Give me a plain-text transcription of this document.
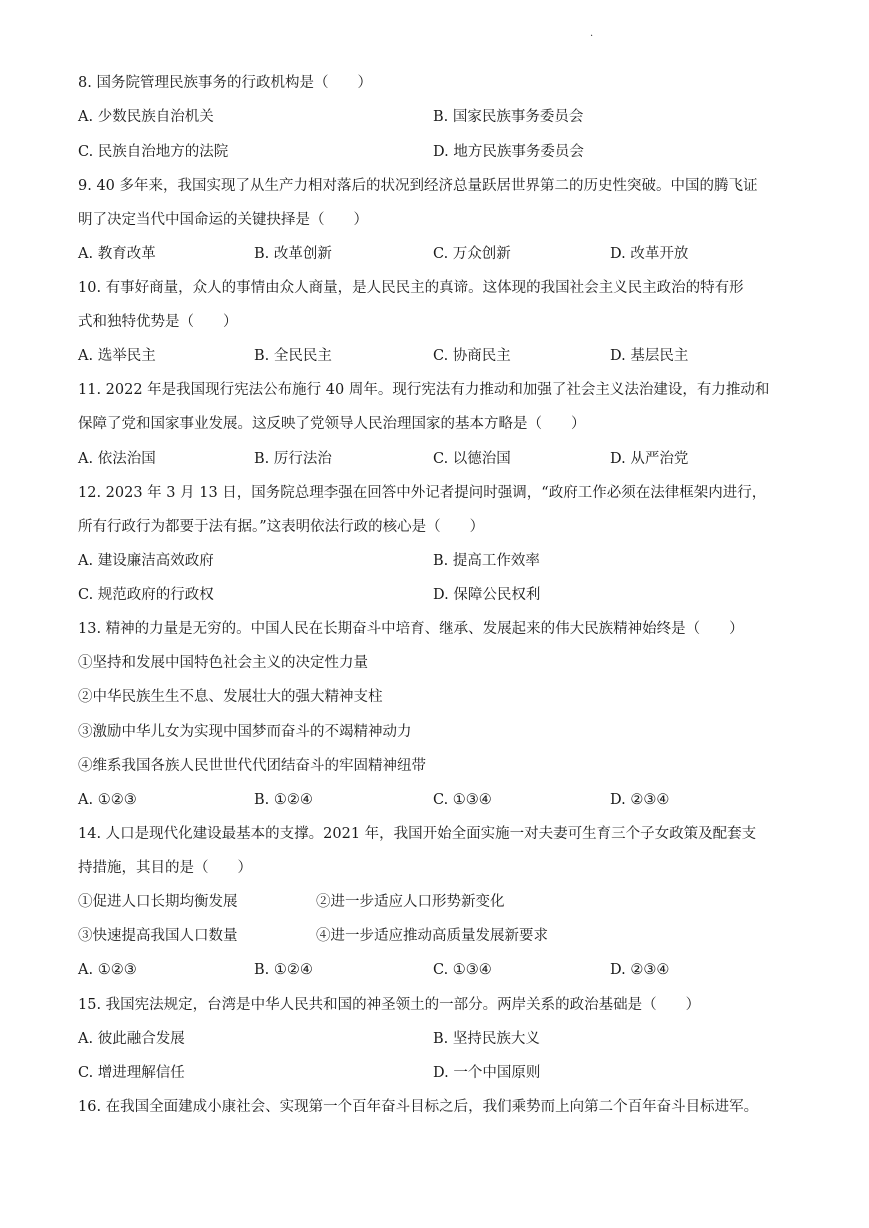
.
8. 国务院管理民族事务的行政机构是（　　）
A. 少数民族自治机关	B. 国家民族事务委员会
C. 民族自治地方的法院	D. 地方民族事务委员会
9. 40 多年来，我国实现了从生产力相对落后的状况到经济总量跃居世界第二的历史性突破。中国的腾飞证
明了决定当代中国命运的关键抉择是（　　）
A. 教育改革	B. 改革创新	C. 万众创新	D. 改革开放
10. 有事好商量，众人的事情由众人商量，是人民民主的真谛。这体现的我国社会主义民主政治的特有形
式和独特优势是（　　）
A. 选举民主	B. 全民民主	C. 协商民主	D. 基层民主
11. 2022 年是我国现行宪法公布施行 40 周年。现行宪法有力推动和加强了社会主义法治建设，有力推动和
保障了党和国家事业发展。这反映了党领导人民治理国家的基本方略是（　　）
A. 依法治国	B. 厉行法治	C. 以德治国	D. 从严治党
12. 2023 年 3 月 13 日，国务院总理李强在回答中外记者提问时强调，“政府工作必须在法律框架内进行，
所有行政行为都要于法有据。”这表明依法行政的核心是（　　）
A. 建设廉洁高效政府	B. 提高工作效率
C. 规范政府的行政权	D. 保障公民权利
13. 精神的力量是无穷的。中国人民在长期奋斗中培育、继承、发展起来的伟大民族精神始终是（　　）
①坚持和发展中国特色社会主义的决定性力量
②中华民族生生不息、发展壮大的强大精神支柱
③激励中华儿女为实现中国梦而奋斗的不竭精神动力
④维系我国各族人民世世代代团结奋斗的牢固精神纽带
A. ①②③	B. ①②④	C. ①③④	D. ②③④
14. 人口是现代化建设最基本的支撑。2021 年，我国开始全面实施一对夫妻可生育三个子女政策及配套支
持措施，其目的是（　　）
①促进人口长期均衡发展	②进一步适应人口形势新变化
③快速提高我国人口数量	④进一步适应推动高质量发展新要求
A. ①②③	B. ①②④	C. ①③④	D. ②③④
15. 我国宪法规定，台湾是中华人民共和国的神圣领土的一部分。两岸关系的政治基础是（　　）
A. 彼此融合发展	B. 坚持民族大义
C. 增进理解信任	D. 一个中国原则
16. 在我国全面建成小康社会、实现第一个百年奋斗目标之后，我们乘势而上向第二个百年奋斗目标进军。
